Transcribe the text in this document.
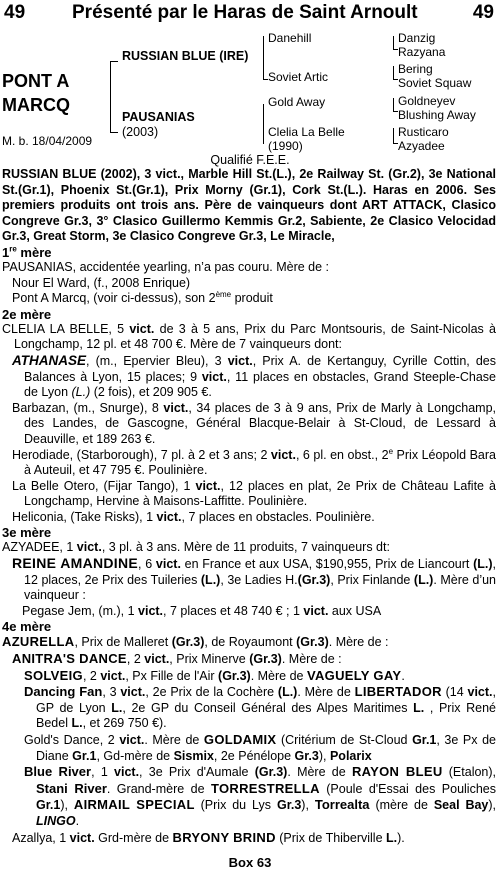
49 Présenté par le Haras de Saint Arnoult	49
PONT A
MARCQ
M. b. 18/04/2009
RUSSIAN BLUE (IRE)
PAUSANIAS
(2003)
Danehill
Soviet Artic
Gold Away
Clelia La Belle
(1990)
Danzig
Razyana
Bering
Soviet Squaw
Goldneyev
Blushing Away
Rusticaro
Azyadee
Qualifié F.E.E.

RUSSIAN BLUE (2002), 3 vict., Marble Hill St.(L.), 2e Railway St. (Gr.2), 3e National St.(Gr.1), Phoenix St.(Gr.1), Prix Morny (Gr.1), Cork St.(L.). Haras en 2006. Ses premiers produits ont trois ans. Père de vainqueurs dont ART ATTACK, Clasico Congreve Gr.3, 3° Clasico Guillermo Kemmis Gr.2, Sabiente, 2e Clasico Velocidad Gr.3, Great Storm, 3e Clasico Congreve Gr.3, Le Miracle,

1re mère

PAUSANIAS, accidentée yearling, n’a pas couru. Mère de :

Nour El Ward, (f., 2008 Enrique)

Pont A Marcq, (voir ci-dessus), son 2ème produit

2e mère

CLELIA LA BELLE, 5 vict. de 3 à 5 ans, Prix du Parc Montsouris, de Saint-Nicolas à Longchamp, 12 pl. et 48 700 €. Mère de 7 vainqueurs dont:

ATHANASE, (m., Epervier Bleu), 3 vict., Prix A. de Kertanguy, Cyrille Cottin, des Balances à Lyon, 15 places; 9 vict., 11 places en obstacles, Grand Steeple-Chase de Lyon (L.) (2 fois), et 209 905 €.

Barbazan, (m., Snurge), 8 vict., 34 places de 3 à 9 ans, Prix de Marly à Longchamp, des Landes, de Gascogne, Général Blacque-Belair à St-Cloud, de Lessard à Deauville, et 189 263 €.

Herodiade, (Starborough), 7 pl. à 2 et 3 ans; 2 vict., 6 pl. en obst., 2e Prix Léopold Bara à Auteuil, et 47 795 €. Poulinière.

La Belle Otero, (Fijar Tango), 1 vict., 12 places en plat, 2e Prix de Château Lafite à Longchamp, Hervine à Maisons-Laffitte. Poulinière.

Heliconia, (Take Risks), 1 vict., 7 places en obstacles. Poulinière.

3e mère

AZYADEE, 1 vict., 3 pl. à 3 ans. Mère de 11 produits, 7 vainqueurs dt:

REINE AMANDINE, 6 vict. en France et aux USA, $190,955, Prix de Liancourt (L.), 12 places, 2e Prix des Tuileries (L.), 3e Ladies H.(Gr.3), Prix Finlande (L.). Mère d’un vainqueur :

Pegase Jem, (m.), 1 vict., 7 places et 48 740 € ; 1 vict. aux USA

4e mère

AZURELLA, Prix de Malleret (Gr.3), de Royaumont (Gr.3). Mère de :

ANITRA'S DANCE, 2 vict., Prix Minerve (Gr.3). Mère de :

SOLVEIG, 2 vict., Px Fille de l'Air (Gr.3). Mère de VAGUELY GAY.

Dancing Fan, 3 vict., 2e Prix de la Cochère (L.). Mère de LIBERTADOR (14 vict., GP de Lyon L., 2e GP du Conseil Général des Alpes Maritimes L. , Prix René Bedel L., et 269 750 €).

Gold's Dance, 2 vict.. Mère de GOLDAMIX (Critérium de St-Cloud Gr.1, 3e Px de Diane Gr.1, Gd-mère de Sismix, 2e Pénélope Gr.3), Polarix

Blue River, 1 vict., 3e Prix d'Aumale (Gr.3). Mère de RAYON BLEU (Etalon), Stani River. Grand-mère de TORRESTRELLA (Poule d'Essai des Pouliches Gr.1), AIRMAIL SPECIAL (Prix du Lys Gr.3), Torrealta (mère de Seal Bay), LINGO.

Azallya, 1 vict. Grd-mère de BRYONY BRIND (Prix de Thiberville L.).

Box 63
